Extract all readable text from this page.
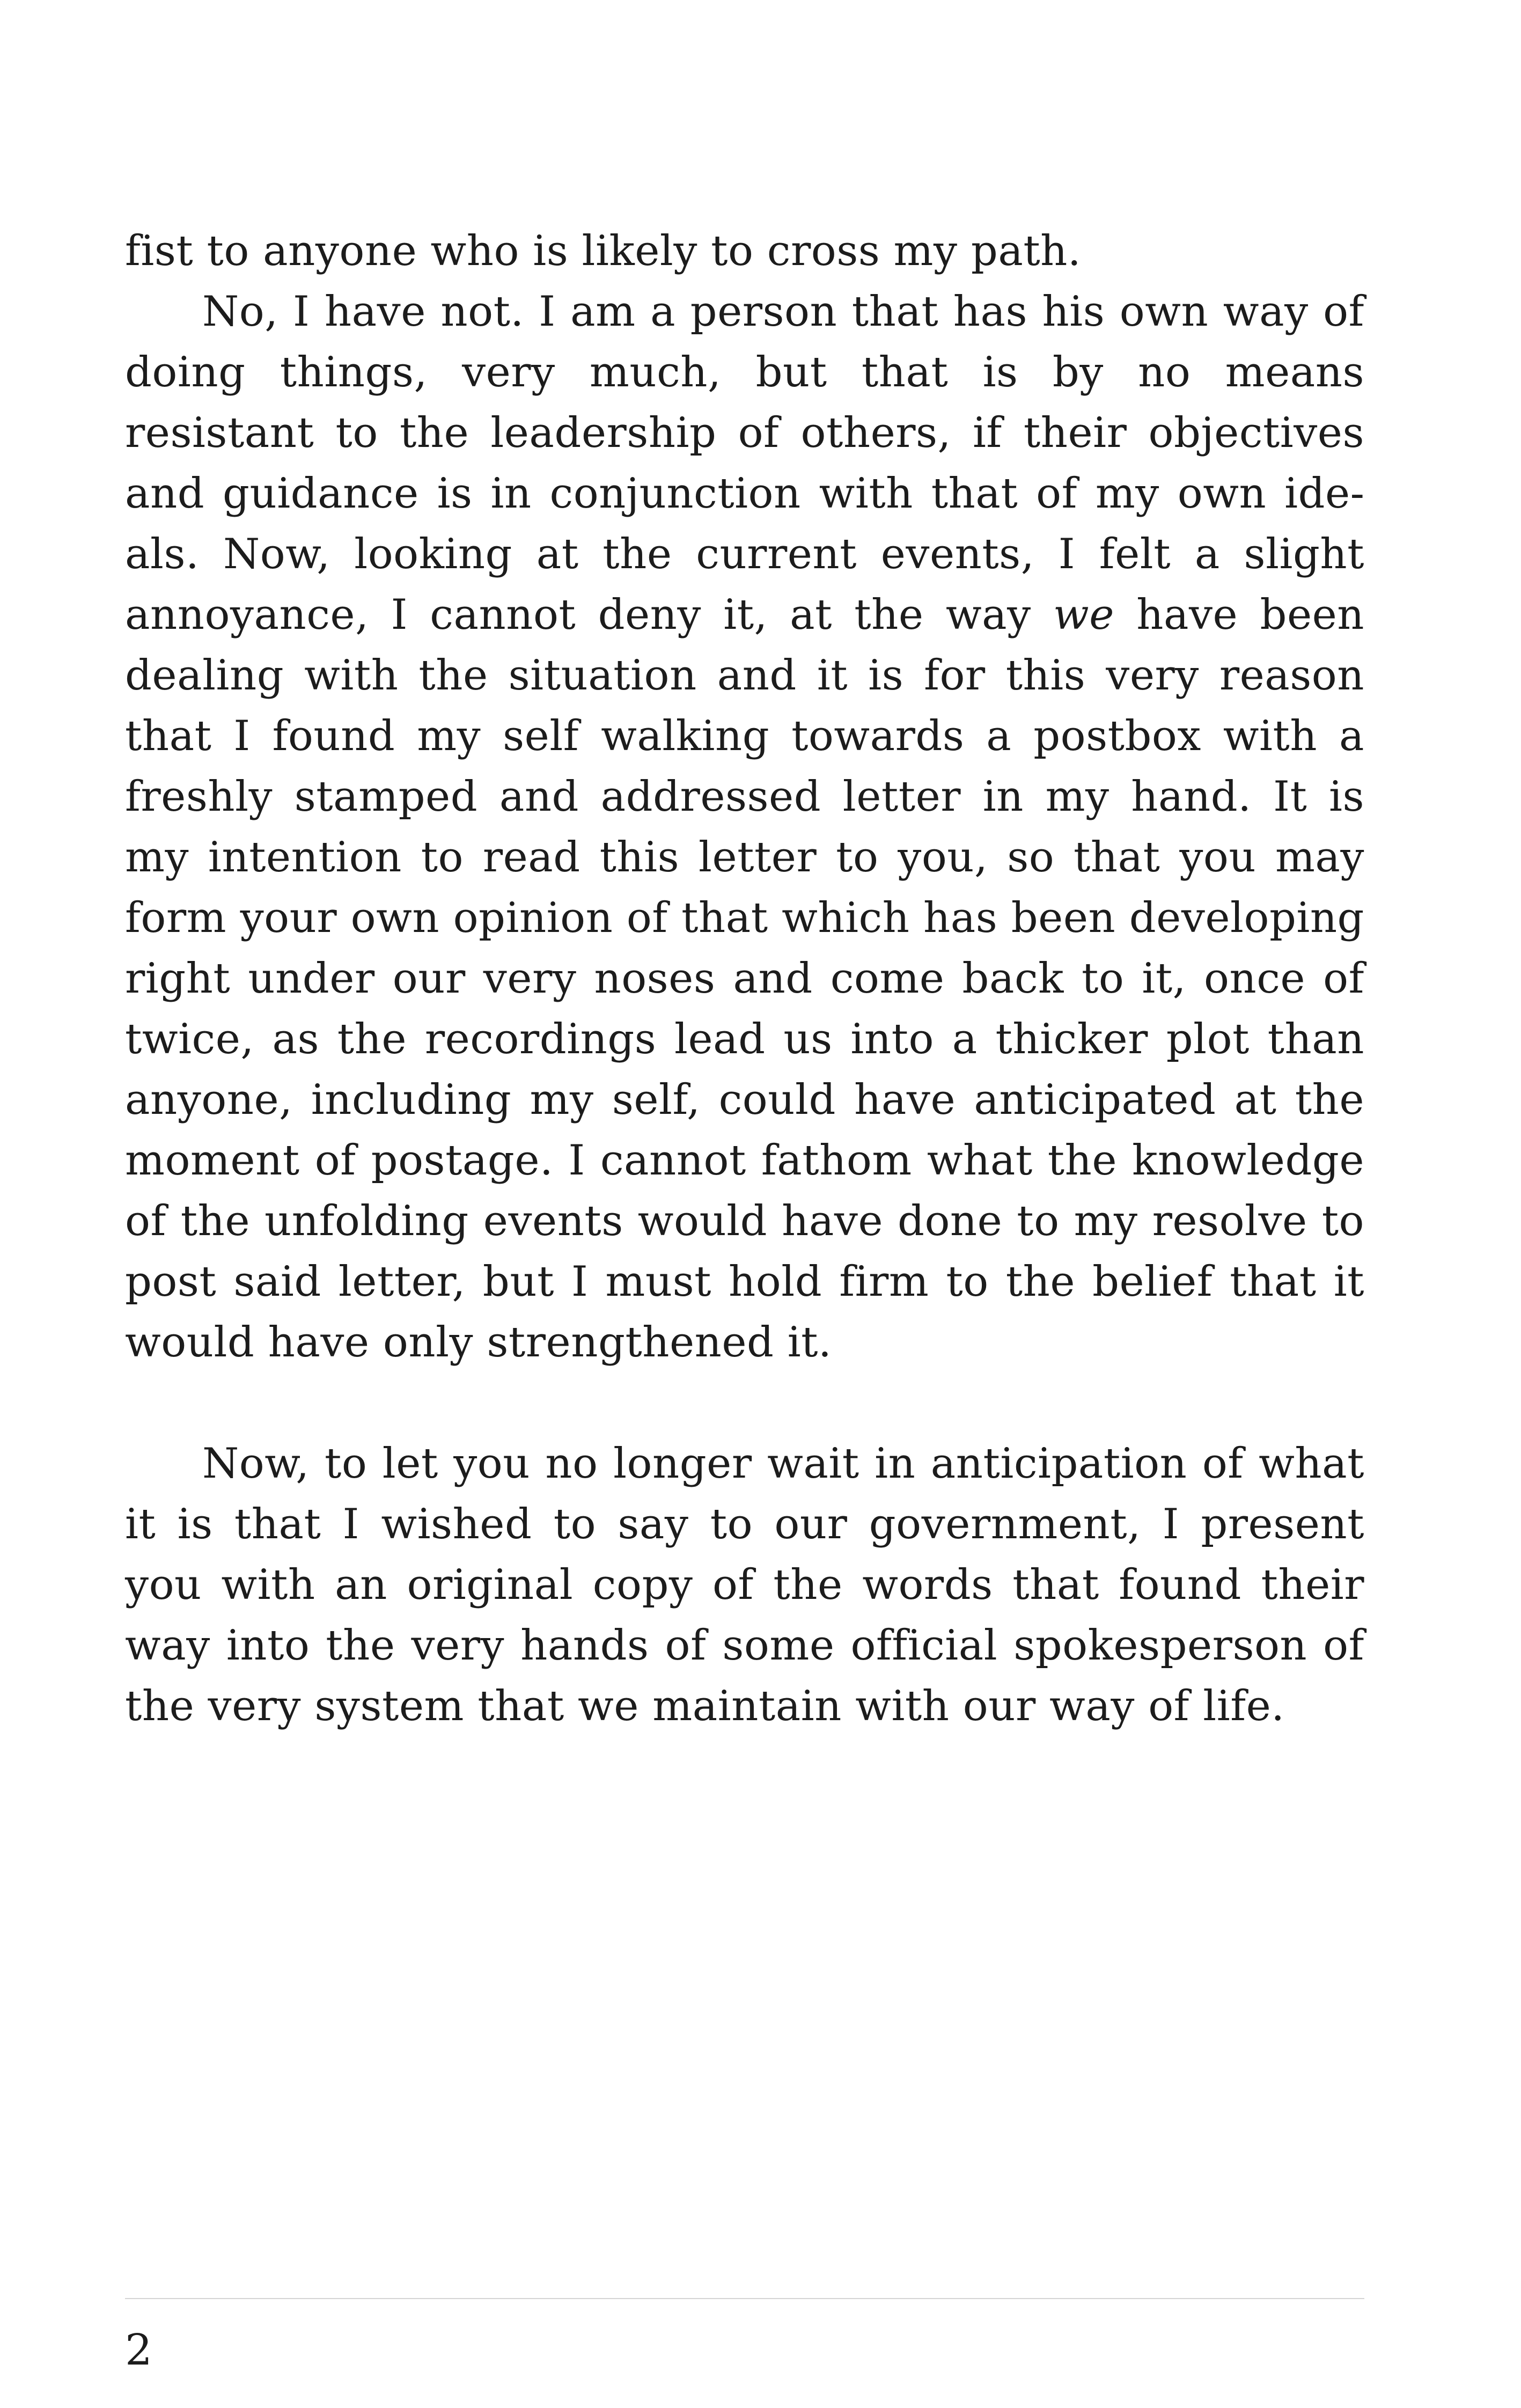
fist to anyone who is likely to cross my path.

No, I have not. I am a person that has his own way of doing things, very much, but that is by no means resistant to the leadership of others, if their objectives and guidance is in conjunction with that of my own ideals. Now, looking at the current events, I felt a slight annoyance, I cannot deny it, at the way we have been dealing with the situation and it is for this very reason that I found my self walking towards a postbox with a freshly stamped and addressed letter in my hand. It is my intention to read this letter to you, so that you may form your own opinion of that which has been developing right under our very noses and come back to it, once of twice, as the recordings lead us into a thicker plot than anyone, including my self, could have anticipated at the moment of postage. I cannot fathom what the knowledge of the unfolding events would have done to my resolve to post said letter, but I must hold firm to the belief that it would have only strengthened it.

Now, to let you no longer wait in anticipation of what it is that I wished to say to our government, I present you with an original copy of the words that found their way into the very hands of some official spokesperson of the very system that we maintain with our way of life.

2
